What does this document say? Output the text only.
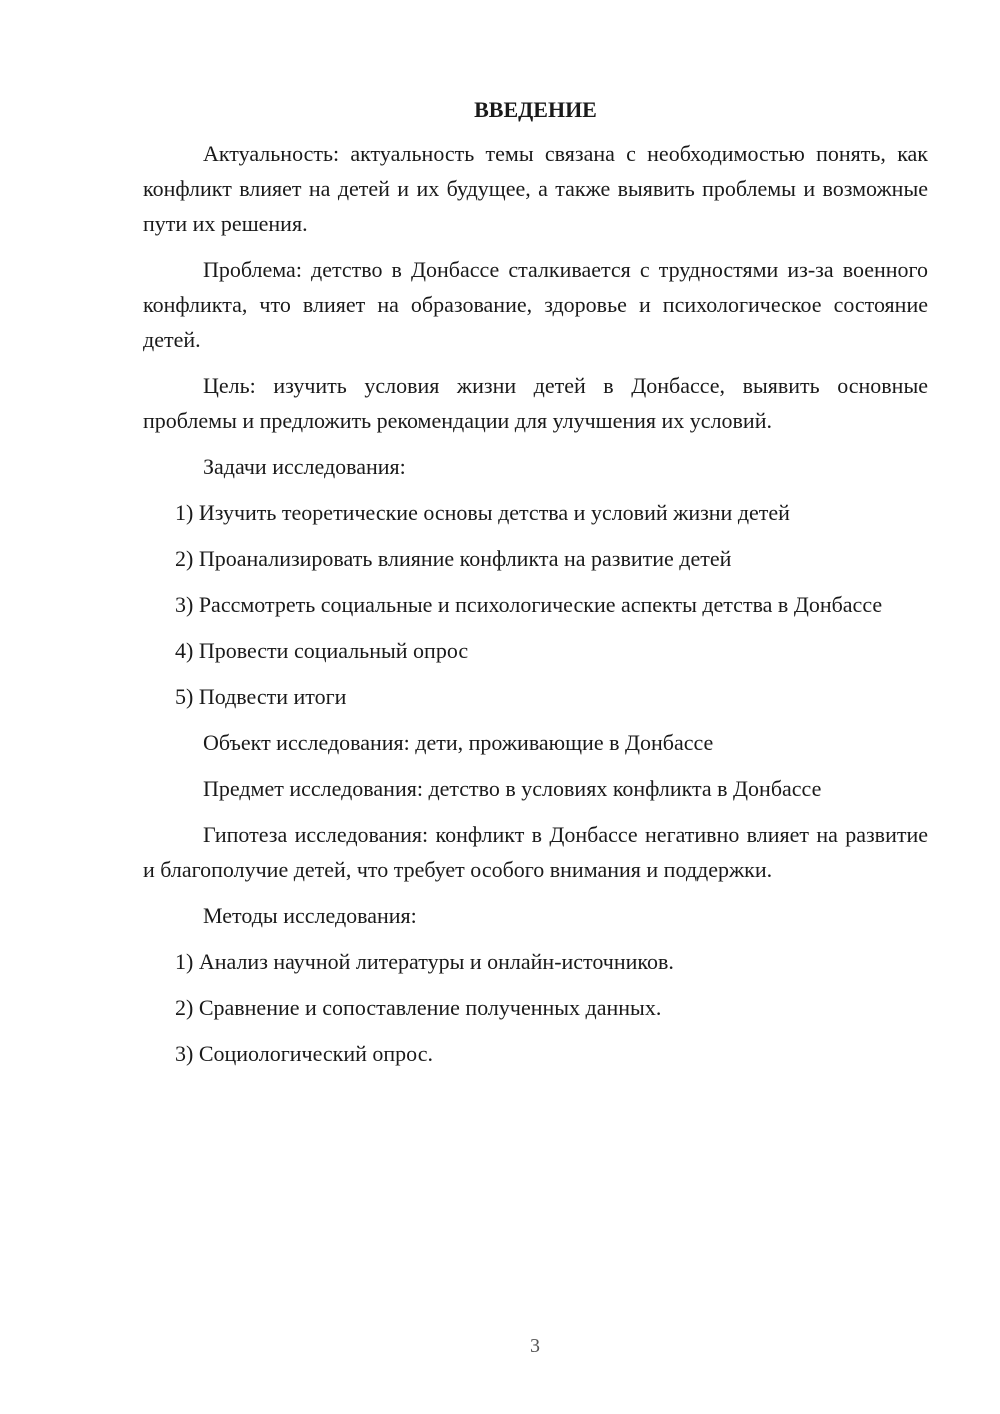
ВВЕДЕНИЕ

Актуальность: актуальность темы связана с необходимостью понять, как конфликт влияет на детей и их будущее, а также выявить проблемы и возможные пути их решения.

Проблема: детство в Донбассе сталкивается с трудностями из-за военного конфликта, что влияет на образование, здоровье и психологическое состояние детей.

Цель: изучить условия жизни детей в Донбассе, выявить основные проблемы и предложить рекомендации для улучшения их условий.

Задачи исследования:

1) Изучить теоретические основы детства и условий жизни детей

2) Проанализировать влияние конфликта на развитие детей

3) Рассмотреть социальные и психологические аспекты детства в Донбассе

4) Провести социальный опрос

5) Подвести итоги

Объект исследования: дети, проживающие в Донбассе

Предмет исследования: детство в условиях конфликта в Донбассе

Гипотеза исследования: конфликт в Донбассе негативно влияет на развитие и благополучие детей, что требует особого внимания и поддержки.

Методы исследования:

1) Анализ научной литературы и онлайн-источников.

2) Сравнение и сопоставление полученных данных.

3) Социологический опрос.

3
